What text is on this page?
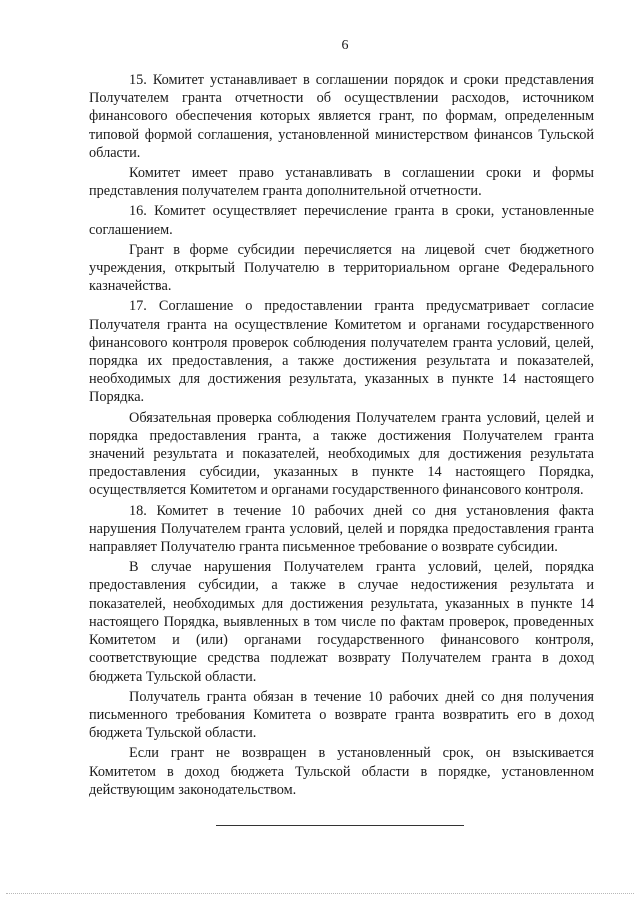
6

15. Комитет устанавливает в соглашении порядок и сроки представления Получателем гранта отчетности об осуществлении расходов, источником финансового обеспечения которых является грант, по формам, определенным типовой формой соглашения, установленной министерством финансов Тульской области.

Комитет имеет право устанавливать в соглашении сроки и формы представления получателем гранта дополнительной отчетности.

16. Комитет осуществляет перечисление гранта в сроки, установленные соглашением.

Грант в форме субсидии перечисляется на лицевой счет бюджетного учреждения, открытый Получателю в территориальном органе Федерального казначейства.

17. Соглашение о предоставлении гранта предусматривает согласие Получателя гранта на осуществление Комитетом и органами государственного финансового контроля проверок соблюдения получателем гранта условий, целей, порядка их предоставления, а также достижения результата и показателей, необходимых для достижения результата, указанных в пункте 14 настоящего Порядка.

Обязательная проверка соблюдения Получателем гранта условий, целей и порядка предоставления гранта, а также достижения Получателем гранта значений результата и показателей, необходимых для достижения результата предоставления субсидии, указанных в пункте 14 настоящего Порядка, осуществляется Комитетом и органами государственного финансового контроля.

18. Комитет в течение 10 рабочих дней со дня установления факта нарушения Получателем гранта условий, целей и порядка предоставления гранта направляет Получателю гранта письменное требование о возврате субсидии.

В случае нарушения Получателем гранта условий, целей, порядка предоставления субсидии, а также в случае недостижения результата и показателей, необходимых для достижения результата, указанных в пункте 14 настоящего Порядка, выявленных в том числе по фактам проверок, проведенных Комитетом и (или) органами государственного финансового контроля, соответствующие средства подлежат возврату Получателем гранта в доход бюджета Тульской области.

Получатель гранта обязан в течение 10 рабочих дней со дня получения письменного требования Комитета о возврате гранта возвратить его в доход бюджета Тульской области.

Если грант не возвращен в установленный срок, он взыскивается Комитетом в доход бюджета Тульской области в порядке, установленном действующим законодательством.
